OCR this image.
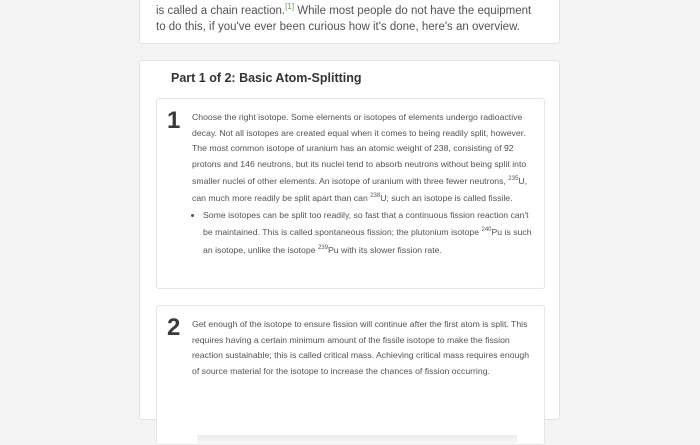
is called a chain reaction.[1] While most people do not have the equipment to do this, if you've ever been curious how it's done, here's an overview.

Part 1 of 2: Basic Atom-Splitting
1	Choose the right isotope. Some elements or isotopes of elements undergo radioactive decay. Not all isotopes are created equal when it comes to being readily split, however. The most common isotope of uranium has an atomic weight of 238, consisting of 92 protons and 146 neutrons, but its nuclei tend to absorb neutrons without being split into smaller nuclei of other elements. An isotope of uranium with three fewer neutrons, $^{235}$U, can much more readily be split apart than can $^{238}$U; such an isotope is called fissile.
• Some isotopes can be split too readily, so fast that a continuous fission reaction can't be maintained. This is called spontaneous fission; the plutonium isotope $^{240}$Pu is such an isotope, unlike the isotope $^{239}$Pu with its slower fission rate.
2	Get enough of the isotope to ensure fission will continue after the first atom is split. This requires having a certain minimum amount of the fissile isotope to make the fission reaction sustainable; this is called critical mass. Achieving critical mass requires enough of source material for the isotope to increase the chances of fission occurring.
